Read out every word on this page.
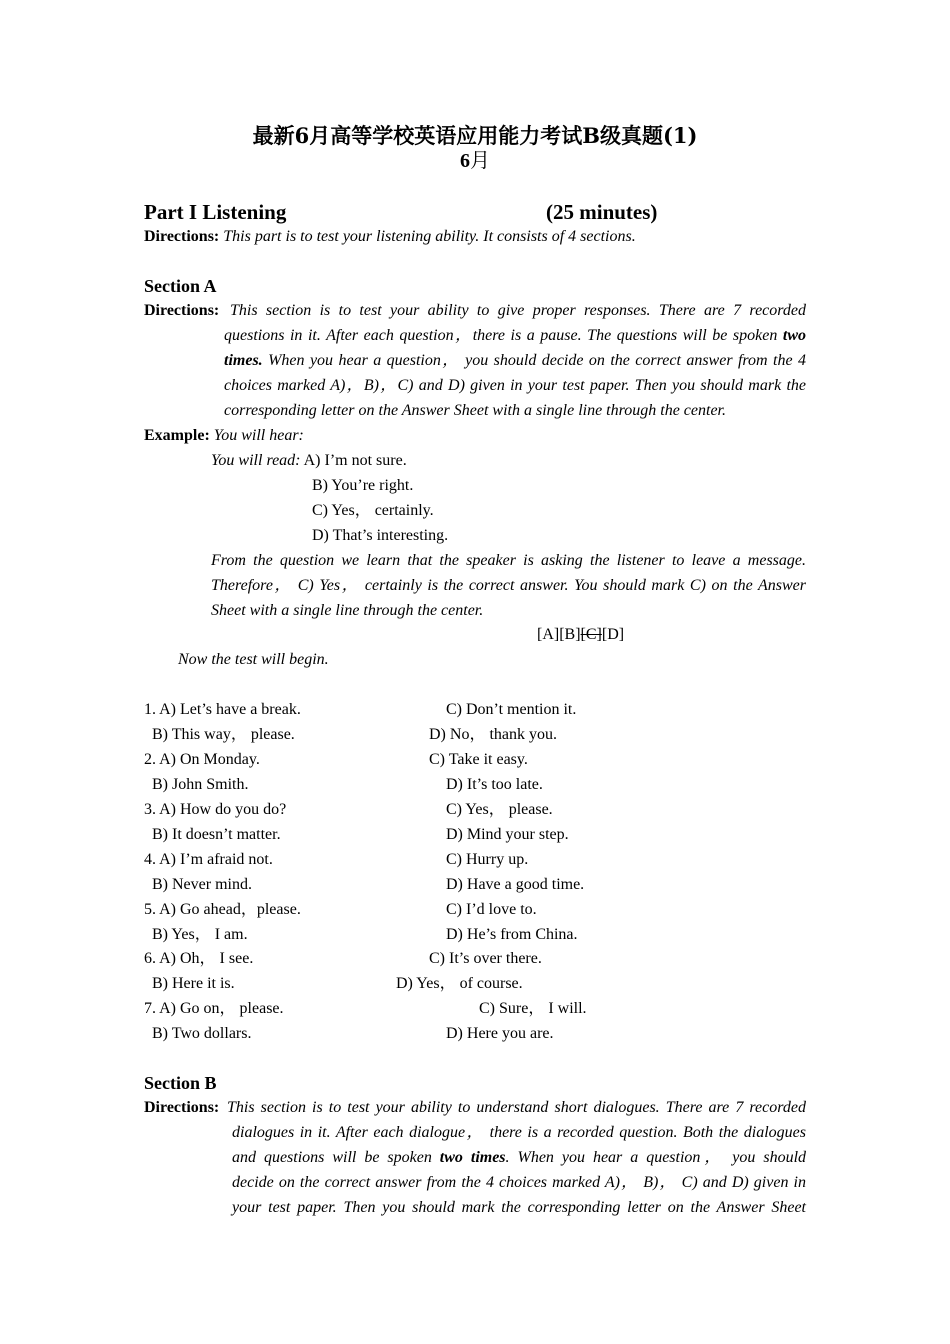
最新6月高等学校英语应用能力考试B级真题(1)
6月
Part I Listening	(25 minutes)
Directions: This part is to test your listening ability. It consists of 4 sections.
Section A
Directions: This section is to test your ability to give proper responses. There are 7 recorded
questions in it. After each question，there is a pause. The questions will be spoken two
times. When you hear a question， you should decide on the correct answer from the 4
choices marked A)，B)，C) and D) given in your test paper. Then you should mark the
corresponding letter on the Answer Sheet with a single line through the center.
Example: You will hear:
You will read: A) I’m not sure.
B) You’re right.
C) Yes， certainly.
D) That’s interesting.
From the question we learn that the speaker is asking the listener to leave a message.
Therefore， C) Yes， certainly is the correct answer. You should mark C) on the Answer
Sheet with a single line through the center.
[A][B][C][D]
Now the test will begin.
1. A) Let’s have a break.	C) Don’t mention it.
B) This way， please.	D) No， thank you.
2. A) On Monday.	C) Take it easy.
B) John Smith.	D) It’s too late.
3. A) How do you do?	C) Yes， please.
B) It doesn’t matter.	D) Mind your step.
4. A) I’m afraid not.	C) Hurry up.
B) Never mind.	D) Have a good time.
5. A) Go ahead，please.	C) I’d love to.
B) Yes， I am.	D) He’s from China.
6. A) Oh， I see.	C) It’s over there.
B) Here it is.	D) Yes， of course.
7. A) Go on， please.	C) Sure， I will.
B) Two dollars.	D) Here you are.
Section B
Directions: This section is to test your ability to understand short dialogues. There are 7 recorded
dialogues in it. After each dialogue， there is a recorded question. Both the dialogues
and questions will be spoken two times. When you hear a question， you should
decide on the correct answer from the 4 choices marked A)， B)， C) and D) given in
your test paper. Then you should mark the corresponding letter on the Answer Sheet
